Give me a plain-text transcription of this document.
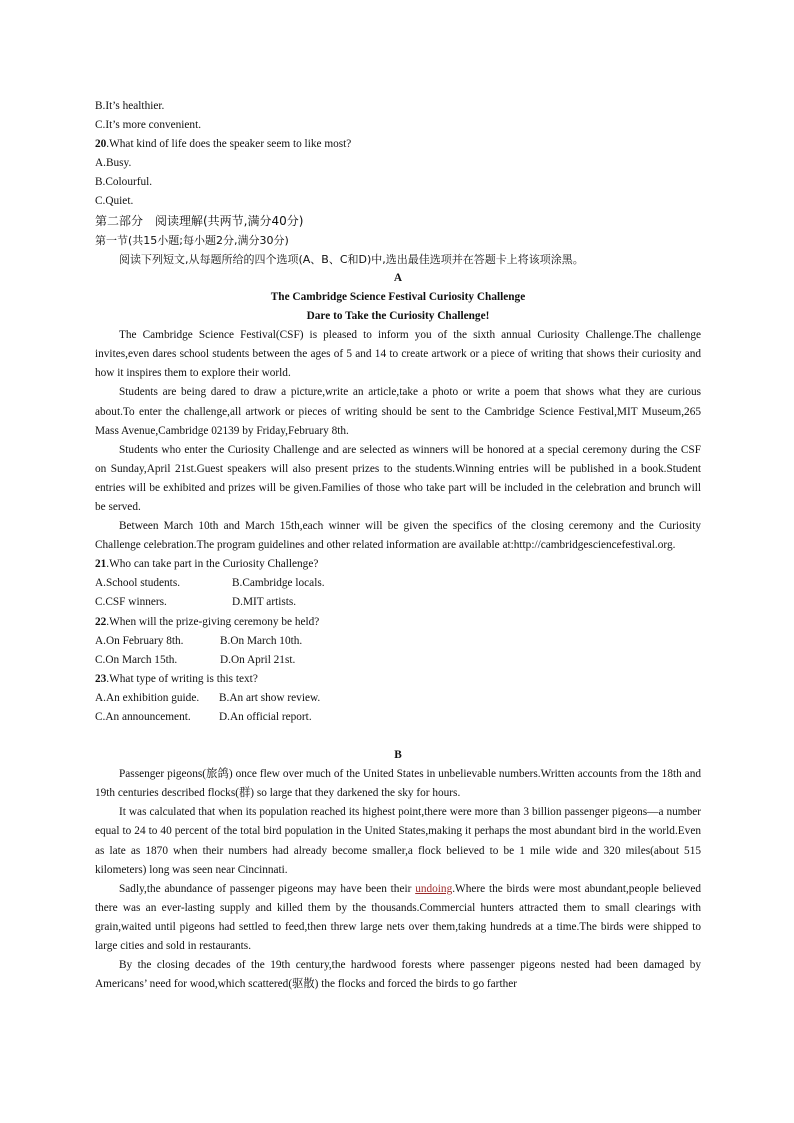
B.It’s healthier.
C.It’s more convenient.
20.What kind of life does the speaker seem to like most?
A.Busy.
B.Colourful.
C.Quiet.
第二部分　阅读理解(共两节,满分40分)
第一节(共15小题;每小题2分,满分30分)
阅读下列短文,从每题所给的四个选项(A、B、C和D)中,选出最佳选项并在答题卡上将该项涂黑。
A
The Cambridge Science Festival Curiosity Challenge
Dare to Take the Curiosity Challenge!
The Cambridge Science Festival(CSF) is pleased to inform you of the sixth annual Curiosity Challenge.The challenge invites,even dares school students between the ages of 5 and 14 to create artwork or a piece of writing that shows their curiosity and how it inspires them to explore their world.
Students are being dared to draw a picture,write an article,take a photo or write a poem that shows what they are curious about.To enter the challenge,all artwork or pieces of writing should be sent to the Cambridge Science Festival,MIT Museum,265 Mass Avenue,Cambridge 02139 by Friday,February 8th.
Students who enter the Curiosity Challenge and are selected as winners will be honored at a special ceremony during the CSF on Sunday,April 21st.Guest speakers will also present prizes to the students.Winning entries will be published in a book.Student entries will be exhibited and prizes will be given.Families of those who take part will be included in the celebration and brunch will be served.
Between March 10th and March 15th,each winner will be given the specifics of the closing ceremony and the Curiosity Challenge celebration.The program guidelines and other related information are available at:http://cambridgesciencefestival.org.
21.Who can take part in the Curiosity Challenge?
A.School students.	B.Cambridge locals.
C.CSF winners.	D.MIT artists.
22.When will the prize-giving ceremony be held?
A.On February 8th.	B.On March 10th.
C.On March 15th.	D.On April 21st.
23.What type of writing is this text?
A.An exhibition guide.	B.An art show review.
C.An announcement.	D.An official report.
B
Passenger pigeons(旅鸽) once flew over much of the United States in unbelievable numbers.Written accounts from the 18th and 19th centuries described flocks(群) so large that they darkened the sky for hours.
It was calculated that when its population reached its highest point,there were more than 3 billion passenger pigeons—a number equal to 24 to 40 percent of the total bird population in the United States,making it perhaps the most abundant bird in the world.Even as late as 1870 when their numbers had already become smaller,a flock believed to be 1 mile wide and 320 miles(about 515 kilometers) long was seen near Cincinnati.
Sadly,the abundance of passenger pigeons may have been their undoing.Where the birds were most abundant,people believed there was an ever-lasting supply and killed them by the thousands.Commercial hunters attracted them to small clearings with grain,waited until pigeons had settled to feed,then threw large nets over them,taking hundreds at a time.The birds were shipped to large cities and sold in restaurants.
By the closing decades of the 19th century,the hardwood forests where passenger pigeons nested had been damaged by Americans’ need for wood,which scattered(驱散) the flocks and forced the birds to go farther
